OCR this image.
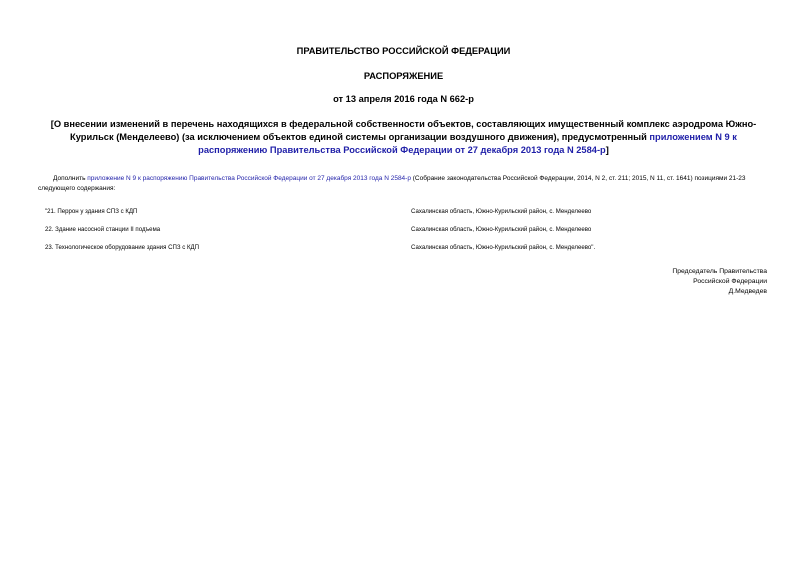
ПРАВИТЕЛЬСТВО РОССИЙСКОЙ ФЕДЕРАЦИИ
РАСПОРЯЖЕНИЕ
от 13 апреля 2016 года N 662-р
[О внесении изменений в перечень находящихся в федеральной собственности объектов, составляющих имущественный комплекс аэродрома Южно-Курильск (Менделеево) (за исключением объектов единой системы организации воздушного движения), предусмотренный приложением N 9 к распоряжению Правительства Российской Федерации от 27 декабря 2013 года N 2584-р]
Дополнить приложение N 9 к распоряжению Правительства Российской Федерации от 27 декабря 2013 года N 2584-р (Собрание законодательства Российской Федерации, 2014, N 2, ст. 211; 2015, N 11, ст. 1641) позициями 21-23 следующего содержания:
"21. Перрон у здания СПЗ с КДП	Сахалинская область, Южно-Курильский район, с. Менделеево
22. Здание насосной станции II подъема	Сахалинская область, Южно-Курильский район, с. Менделеево
23. Технологическое оборудование здания СПЗ с КДП	Сахалинская область, Южно-Курильский район, с. Менделеево".
Председатель Правительства
Российской Федерации
Д.Медведев
